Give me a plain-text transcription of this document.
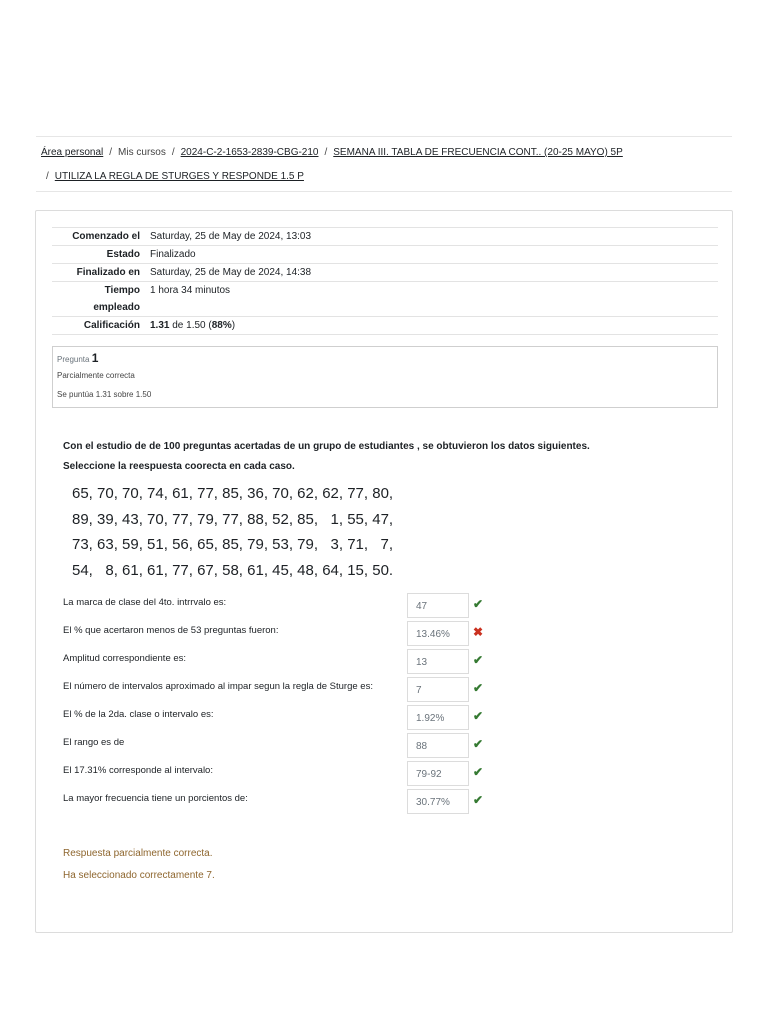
Área personal / Mis cursos / 2024-C-2-1653-2839-CBG-210 / SEMANA III. TABLA DE FRECUENCIA CONT.. (20-25 MAYO) 5P
/ UTILIZA LA REGLA DE STURGES Y RESPONDE 1.5 P
Comenzado el	Saturday, 25 de May de 2024, 13:03
Estado	Finalizado
Finalizado en	Saturday, 25 de May de 2024, 14:38
Tiempo empleado
1 hora 34 minutos
Calificación	1.31 de 1.50 (88%)
Pregunta 1
Parcialmente correcta
Se puntúa 1.31 sobre 1.50
Con el estudio de de 100 preguntas acertadas de un grupo de estudiantes , se obtuvieron los datos siguientes.
Seleccione la reespuesta coorecta en cada caso.
65, 70, 70, 74, 61, 77, 85, 36, 70, 62, 62, 77, 80,
89, 39, 43, 70, 77, 79, 77, 88, 52, 85,   1, 55, 47,
73, 63, 59, 51, 56, 65, 85, 79, 53, 79,   3, 71,   7,
54,   8, 61, 61, 77, 67, 58, 61, 45, 48, 64, 15, 50.
La marca de clase del 4to. intrrvalo es:	47	✔
El % que acertaron menos de 53 preguntas fueron:	13.46%	✖
Amplitud correspondiente es:	13	✔
El número de intervalos aproximado al impar segun la regla de Sturge es:	7	✔
El % de la 2da. clase o intervalo es:	1.92%	✔
El rango es de	88	✔
El 17.31% corresponde al intervalo:	79-92	✔
La mayor frecuencia tiene un porcientos de:	30.77%	✔
Respuesta parcialmente correcta.
Ha seleccionado correctamente 7.
